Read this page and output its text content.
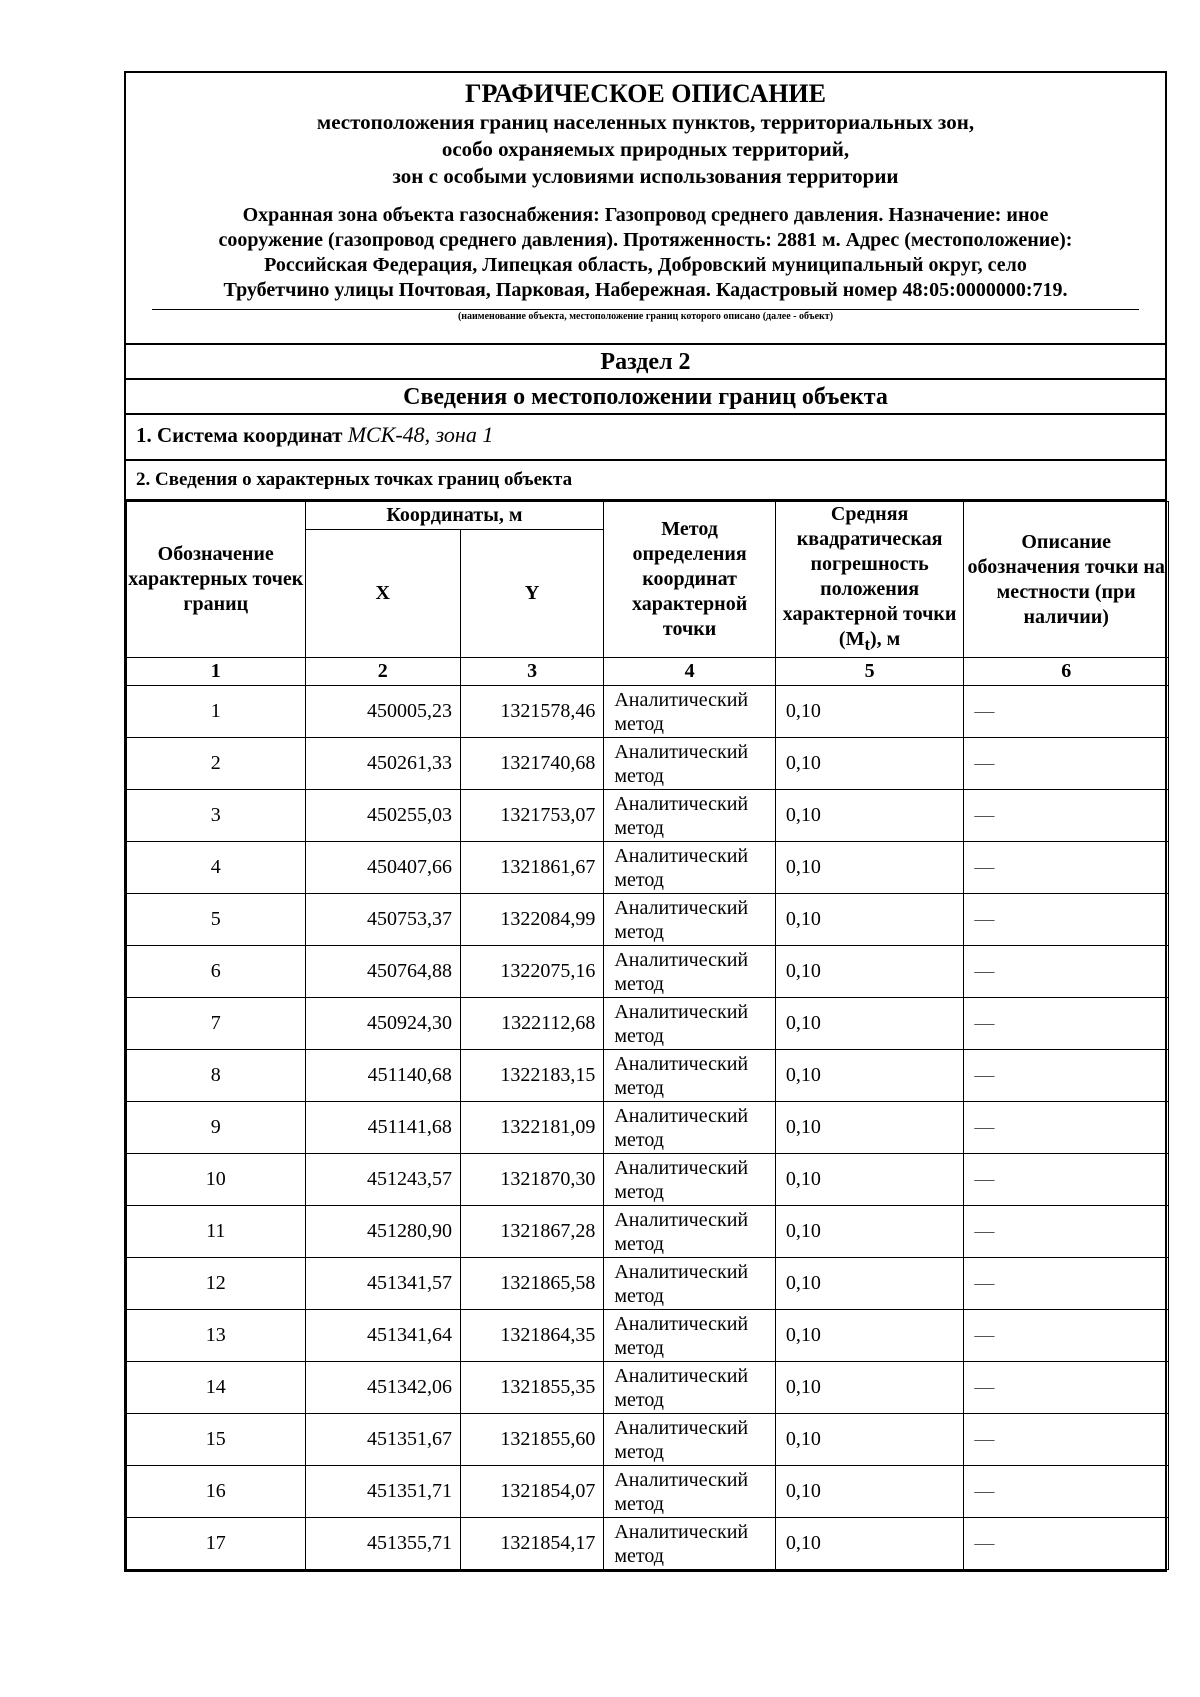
ГРАФИЧЕСКОЕ ОПИСАНИЕ
местоположения границ населенных пунктов, территориальных зон,
особо охраняемых природных территорий,
зон с особыми условиями использования территории
Охранная зона объекта газоснабжения: Газопровод среднего давления. Назначение: иное
сооружение (газопровод среднего давления). Протяженность: 2881 м. Адрес (местоположение):
Российская Федерация, Липецкая область, Добровский муниципальный округ, село
Трубетчино улицы Почтовая, Парковая, Набережная. Кадастровый номер 48:05:0000000:719.
(наименование объекта, местоположение границ которого описано (далее - объект)
Раздел 2
Сведения о местоположении границ объекта
1. Система координат МСК-48, зона 1
2. Сведения о характерных точках границ объекта
Обозначение характерных точек границ	Координаты, м		Метод определения координат характерной точки	Средняя квадратическая погрешность положения характерной точки $(M_t)$, м	Описание обозначения точки на местности (при наличии)
	X	Y			
1	2	3	4	5	6
1	450005,23	1321578,46	Аналитический метод	0,10	—
2	450261,33	1321740,68	Аналитический метод	0,10	—
3	450255,03	1321753,07	Аналитический метод	0,10	—
4	450407,66	1321861,67	Аналитический метод	0,10	—
5	450753,37	1322084,99	Аналитический метод	0,10	—
6	450764,88	1322075,16	Аналитический метод	0,10	—
7	450924,30	1322112,68	Аналитический метод	0,10	—
8	451140,68	1322183,15	Аналитический метод	0,10	—
9	451141,68	1322181,09	Аналитический метод	0,10	—
10	451243,57	1321870,30	Аналитический метод	0,10	—
11	451280,90	1321867,28	Аналитический метод	0,10	—
12	451341,57	1321865,58	Аналитический метод	0,10	—
13	451341,64	1321864,35	Аналитический метод	0,10	—
14	451342,06	1321855,35	Аналитический метод	0,10	—
15	451351,67	1321855,60	Аналитический метод	0,10	—
16	451351,71	1321854,07	Аналитический метод	0,10	—
17	451355,71	1321854,17	Аналитический метод	0,10	—
